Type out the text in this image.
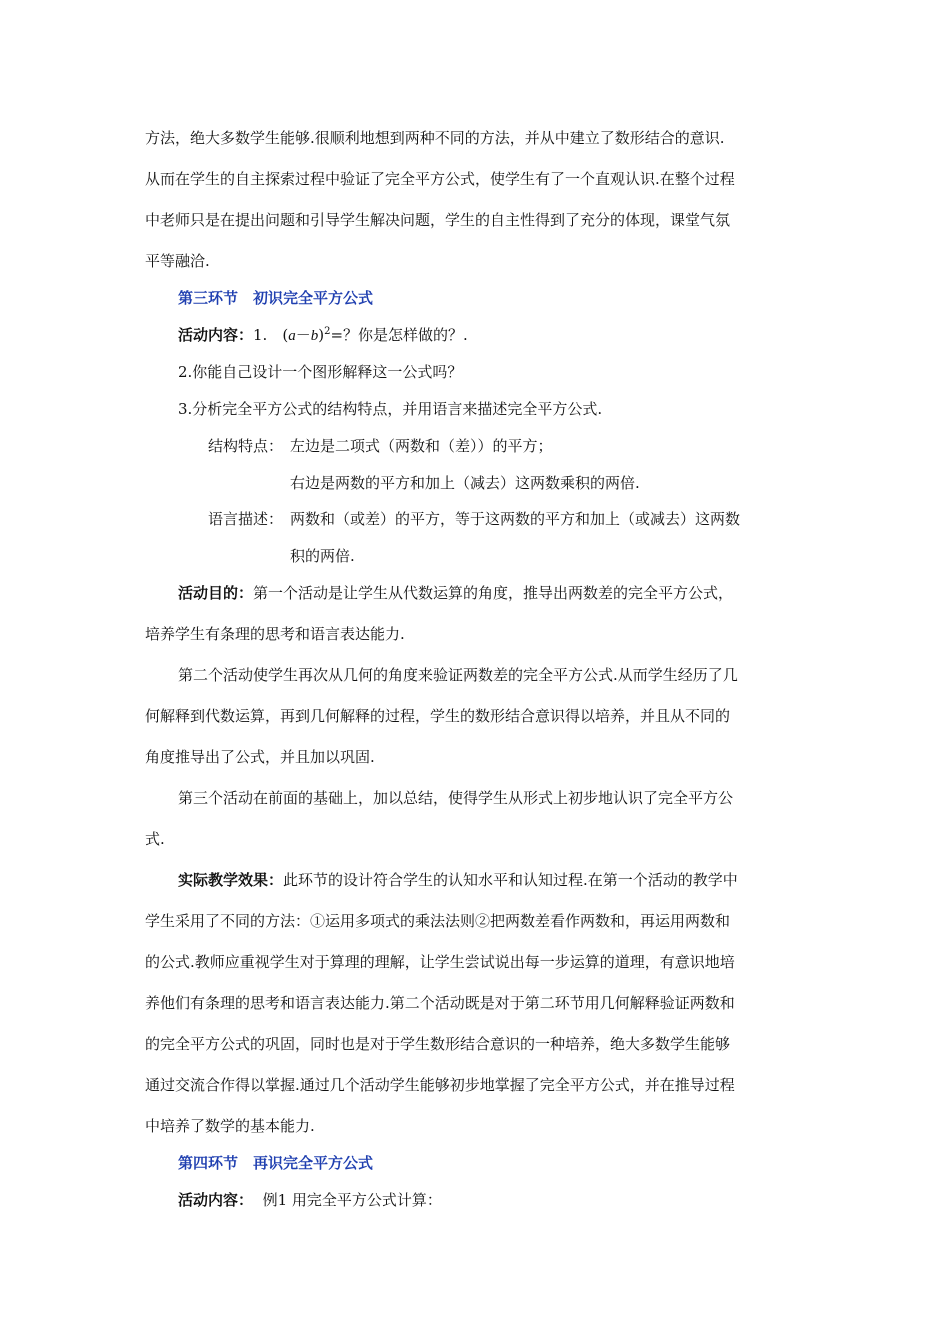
方法，绝大多数学生能够.很顺利地想到两种不同的方法，并从中建立了数形结合的意识.
从而在学生的自主探索过程中验证了完全平方公式，使学生有了一个直观认识.在整个过程
中老师只是在提出问题和引导学生解决问题，学生的自主性得到了充分的体现，课堂气氛
平等融洽.
第三环节　初识完全平方公式
活动内容：1.　$(a-b)^2=$？你是怎样做的？.
2.你能自己设计一个图形解释这一公式吗？
3.分析完全平方公式的结构特点，并用语言来描述完全平方公式.
结构特点： 左边是二项式（两数和（差））的平方；
右边是两数的平方和加上（减去）这两数乘积的两倍.
语言描述： 两数和（或差）的平方，等于这两数的平方和加上（或减去）这两数
积的两倍.
活动目的：第一个活动是让学生从代数运算的角度，推导出两数差的完全平方公式，
培养学生有条理的思考和语言表达能力.
第二个活动使学生再次从几何的角度来验证两数差的完全平方公式.从而学生经历了几
何解释到代数运算，再到几何解释的过程，学生的数形结合意识得以培养，并且从不同的
角度推导出了公式，并且加以巩固.
第三个活动在前面的基础上，加以总结，使得学生从形式上初步地认识了完全平方公
式.
实际教学效果：此环节的设计符合学生的认知水平和认知过程.在第一个活动的教学中
学生采用了不同的方法：①运用多项式的乘法法则②把两数差看作两数和，再运用两数和
的公式.教师应重视学生对于算理的理解，让学生尝试说出每一步运算的道理，有意识地培
养他们有条理的思考和语言表达能力.第二个活动既是对于第二环节用几何解释验证两数和
的完全平方公式的巩固，同时也是对于学生数形结合意识的一种培养，绝大多数学生能够
通过交流合作得以掌握.通过几个活动学生能够初步地掌握了完全平方公式，并在推导过程
中培养了数学的基本能力.
第四环节　再识完全平方公式
活动内容： 例1 用完全平方公式计算：
